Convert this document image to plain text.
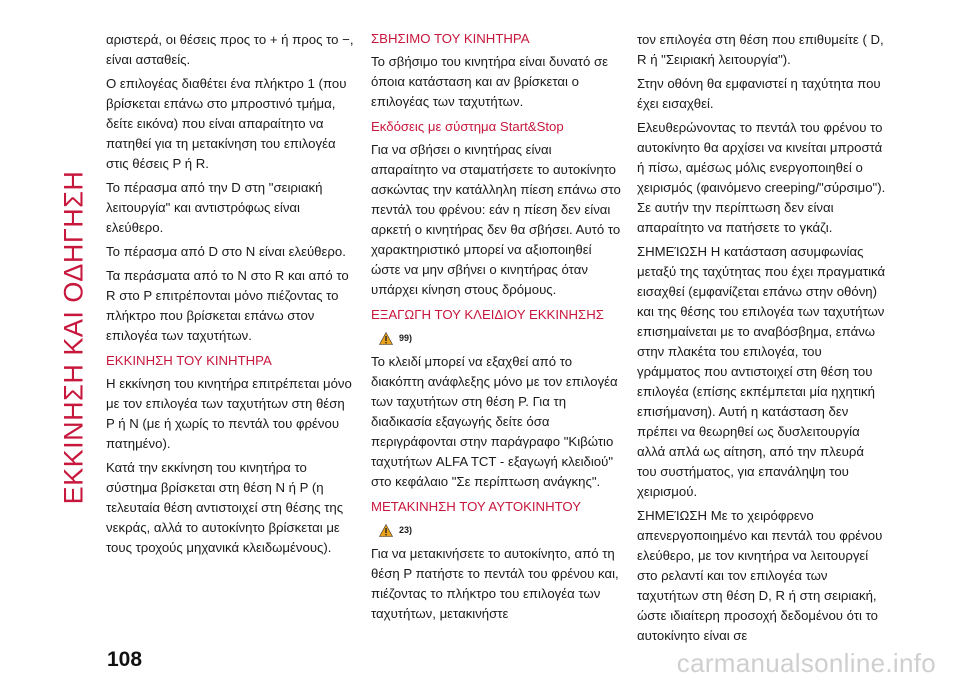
ΕΚΚΙΝΗΣΗ ΚΑΙ ΟΔΗΓΗΣΗ

αριστερά, οι θέσεις προς το + ή προς το −, είναι ασταθείς.

Ο επιλογέας διαθέτει ένα πλήκτρο 1 (που βρίσκεται επάνω στο μπροστινό τμήμα, δείτε εικόνα) που είναι απαραίτητο να πατηθεί για τη μετακίνηση του επιλογέα στις θέσεις P ή R.

Το πέρασμα από την D στη "σειριακή λειτουργία" και αντιστρόφως είναι ελεύθερο.

Το πέρασμα από D στο N είναι ελεύθερο.

Τα περάσματα από το N στο R και από το R στο P επιτρέπονται μόνο πιέζοντας το πλήκτρο που βρίσκεται επάνω στον επιλογέα των ταχυτήτων.

ΕΚΚΙΝΗΣΗ ΤΟΥ ΚΙΝΗΤΗΡΑ

Η εκκίνηση του κινητήρα επιτρέπεται μόνο με τον επιλογέα των ταχυτήτων στη θέση P ή N (με ή χωρίς το πεντάλ του φρένου πατημένο).

Κατά την εκκίνηση του κινητήρα το σύστημα βρίσκεται στη θέση N ή P (η τελευταία θέση αντιστοιχεί στη θέσης της νεκράς, αλλά το αυτοκίνητο βρίσκεται με τους τροχούς μηχανικά κλειδωμένους).

ΣΒΗΣΙΜΟ ΤΟΥ ΚΙΝΗΤΗΡΑ

Το σβήσιμο του κινητήρα είναι δυνατό σε όποια κατάσταση και αν βρίσκεται ο επιλογέας των ταχυτήτων.

Εκδόσεις με σύστημα Start&Stop

Για να σβήσει ο κινητήρας είναι απαραίτητο να σταματήσετε το αυτοκίνητο ασκώντας την κατάλληλη πίεση επάνω στο πεντάλ του φρένου: εάν η πίεση δεν είναι αρκετή ο κινητήρας δεν θα σβήσει. Αυτό το χαρακτηριστικό μπορεί να αξιοποιηθεί ώστε να μην σβήνει ο κινητήρας όταν υπάρχει κίνηση στους δρόμους.

ΕΞΑΓΩΓΗ ΤΟΥ ΚΛΕΙΔΙΟΥ ΕΚΚΙΝΗΣΗΣ
99)

Το κλειδί μπορεί να εξαχθεί από το διακόπτη ανάφλεξης μόνο με τον επιλογέα των ταχυτήτων στη θέση P. Για τη διαδικασία εξαγωγής δείτε όσα περιγράφονται στην παράγραφο "Κιβώτιο ταχυτήτων ALFA TCT - εξαγωγή κλειδιού" στο κεφάλαιο "Σε περίπτωση ανάγκης".

ΜΕΤΑΚΙΝΗΣΗ ΤΟΥ ΑΥΤΟΚΙΝΗΤΟΥ
23)

Για να μετακινήσετε το αυτοκίνητο, από τη θέση P πατήστε το πεντάλ του φρένου και, πιέζοντας το πλήκτρο του επιλογέα των ταχυτήτων, μετακινήστε

τον επιλογέα στη θέση που επιθυμείτε ( D, R ή "Σειριακή λειτουργία").

Στην οθόνη θα εμφανιστεί η ταχύτητα που έχει εισαχθεί.

Ελευθερώνοντας το πεντάλ του φρένου το αυτοκίνητο θα αρχίσει να κινείται μπροστά ή πίσω, αμέσως μόλις ενεργοποιηθεί ο χειρισμός (φαινόμενο creeping/"σύρσιμο"). Σε αυτήν την περίπτωση δεν είναι απαραίτητο να πατήσετε το γκάζι.

ΣΗΜΕΊΩΣΗ Η κατάσταση ασυμφωνίας μεταξύ της ταχύτητας που έχει πραγματικά εισαχθεί (εμφανίζεται επάνω στην οθόνη) και της θέσης του επιλογέα των ταχυτήτων επισημαίνεται με το αναβόσβημα, επάνω στην πλακέτα του επιλογέα, του γράμματος που αντιστοιχεί στη θέση του επιλογέα (επίσης εκπέμπεται μία ηχητική επισήμανση). Αυτή η κατάσταση δεν πρέπει να θεωρηθεί ως δυσλειτουργία αλλά απλά ως αίτηση, από την πλευρά του συστήματος, για επανάληψη του χειρισμού.

ΣΗΜΕΊΩΣΗ Με το χειρόφρενο απενεργοποιημένο και πεντάλ του φρένου ελεύθερο, με τον κινητήρα να λειτουργεί στο ρελαντί και τον επιλογέα των ταχυτήτων στη θέση D, R ή στη σειριακή, ώστε ιδιαίτερη προσοχή δεδομένου ότι το αυτοκίνητο είναι σε

108	carmanualsonline.info
